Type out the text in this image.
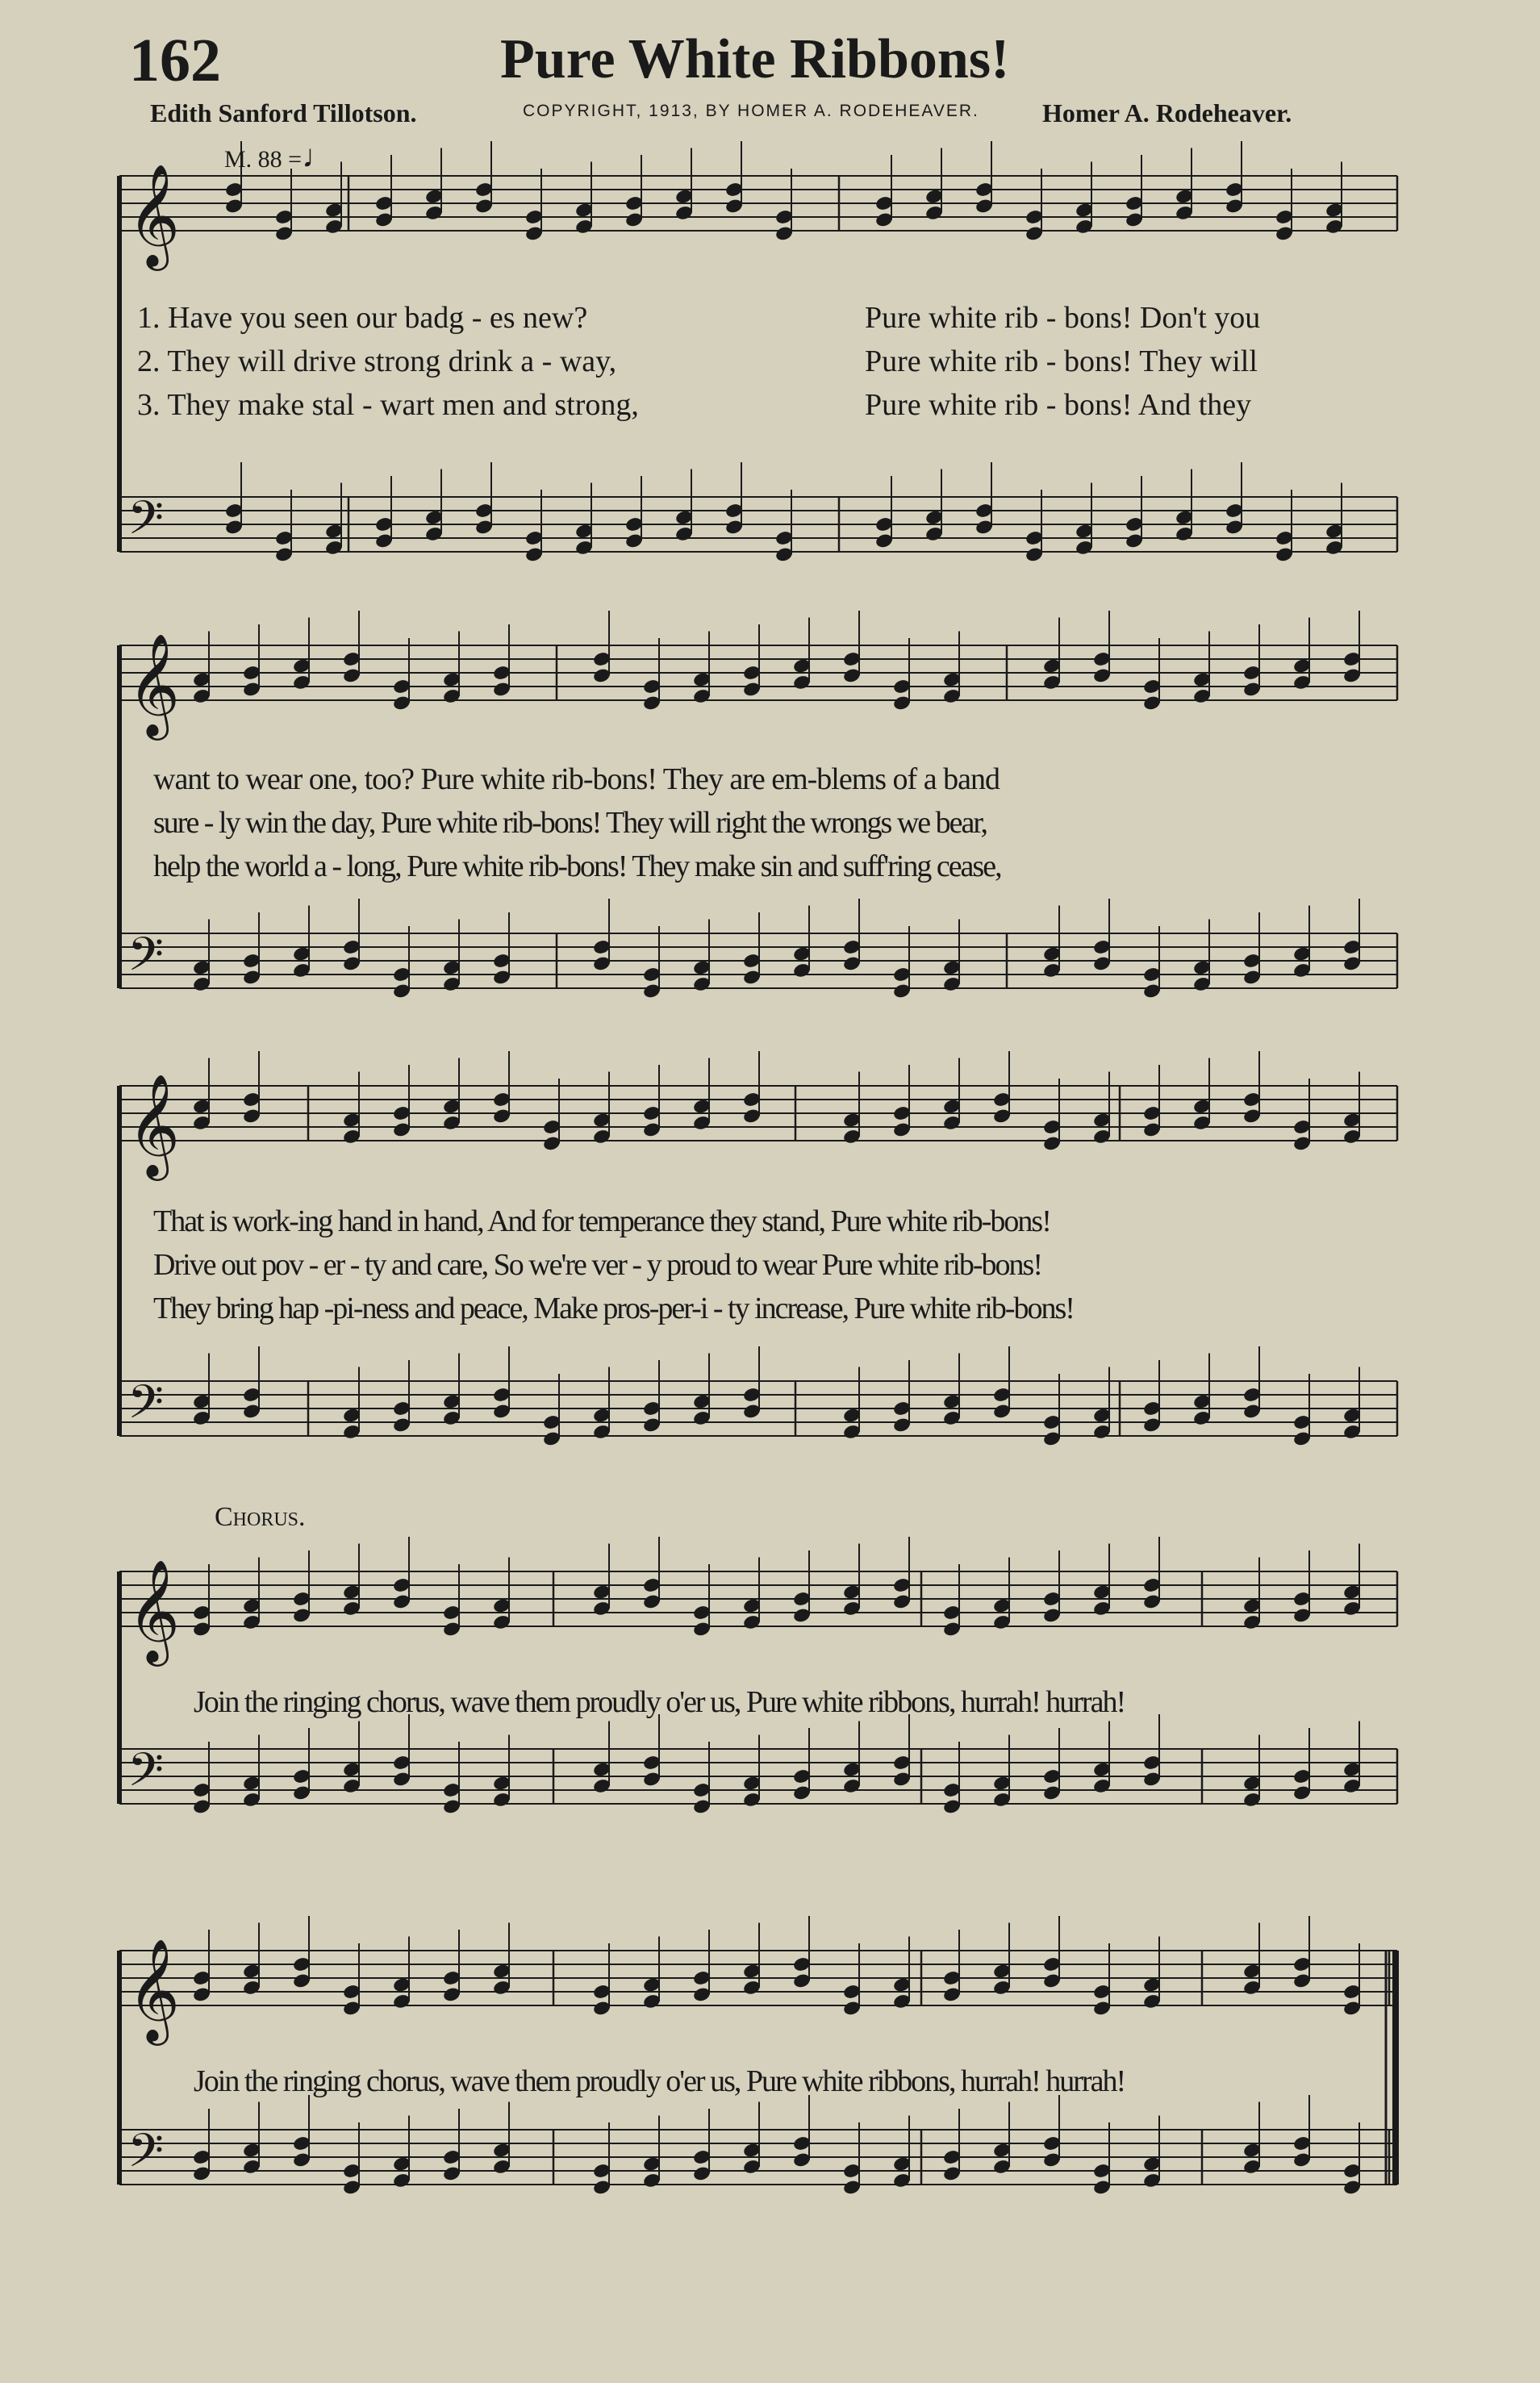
162	Pure White Ribbons!
Edith Sanford Tillotson.	COPYRIGHT, 1913, BY HOMER A. RODEHEAVER. Homer A. Rodeheaver.
M. 88 =♩
𝄞
𝄢
𝄞
𝄢
𝄞
𝄢
𝄞
𝄢
𝄞
𝄢
1. Have you seen our badg - es new?
2. They will drive strong drink a - way,
3. They make stal - wart men and strong,
Pure white rib - bons! Don't you
Pure white rib - bons! They will
Pure white rib - bons! And they
want to wear one, too? Pure white rib-bons! They are em-blems of a band
sure - ly win the day, Pure white rib-bons! They will right the wrongs we bear,
help the world a - long, Pure white rib-bons! They make sin and suff'ring cease,
That is work-ing hand in hand, And for temperance they stand, Pure white rib-bons!
Drive out pov - er - ty and care, So we're ver - y proud to wear Pure white rib-bons!
They bring hap -pi-ness and peace, Make pros-per-i - ty increase, Pure white rib-bons!
Chorus.
Join the ringing chorus, wave them proudly o'er us, Pure white ribbons, hurrah! hurrah!
Join the ringing chorus, wave them proudly o'er us, Pure white ribbons, hurrah! hurrah!
